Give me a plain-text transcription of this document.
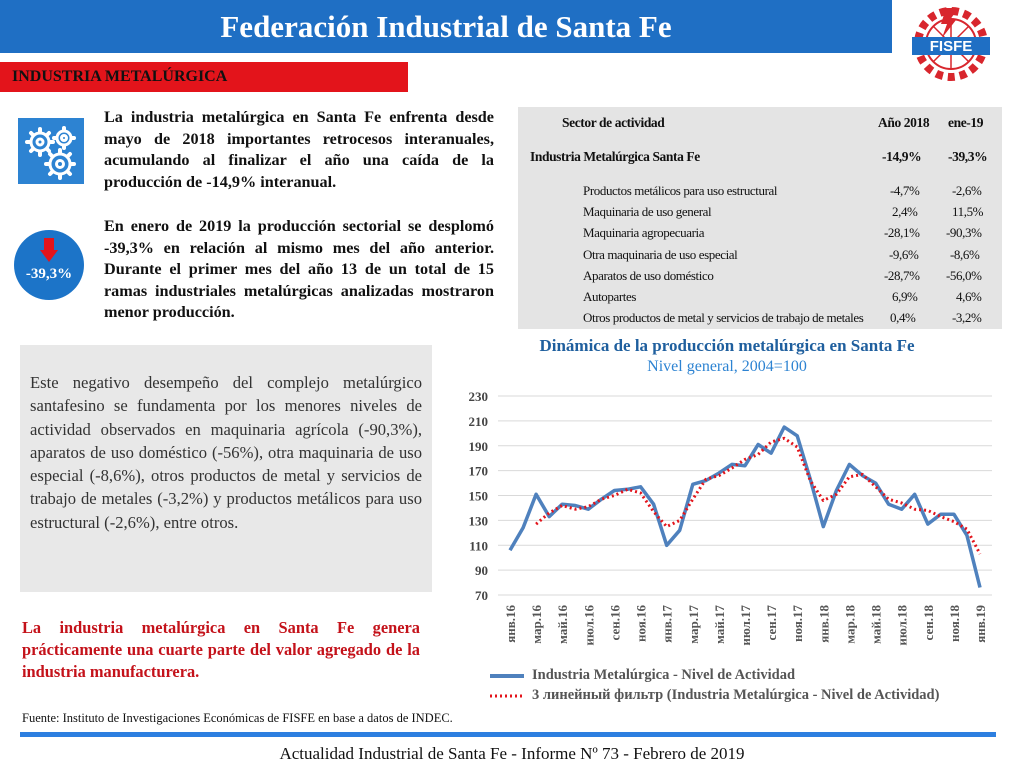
Federación Industrial de Santa Fe
FISFE
INDUSTRIA METALÚRGICA
-39,3%

La industria metalúrgica en Santa Fe enfrenta desde mayo de 2018 importantes retrocesos interanuales, acumulando al finalizar el año una caída de la producción de -14,9% interanual.

En enero de 2019 la producción sectorial se desplomó -39,3% en relación al mismo mes del año anterior. Durante el primer mes del año 13 de un total de 15 ramas industriales metalúrgicas analizadas mostraron menor producción.

Este negativo desempeño del complejo metalúrgico santafesino se fundamenta por los menores niveles de actividad observados en maquinaria agrícola (-90,3%), aparatos de uso doméstico (-56%), otra maquinaria de uso especial (-8,6%), otros productos de metal y servicios de trabajo de metales (-3,2%) y productos metálicos para uso estructural (-2,6%), entre otros.

La industria metalúrgica en Santa Fe genera prácticamente una cuarte parte del valor agregado de la industria manufacturera.

Sector de actividad	Año 2018 ene-19
Industria Metalúrgica Santa Fe	-14,9% -39,3%
Productos metálicos para uso estructural	-4,7%	-2,6%
Maquinaria de uso general	2,4%	11,5%
Maquinaria agropecuaria	-28,1% -90,3%
Otra maquinaria de uso especial	-9,6% -8,6%
Aparatos de uso doméstico	-28,7% -56,0%
Autopartes	6,9%	4,6%
Otros productos de metal y servicios de trabajo de metales 0,4%	-3,2%
Dinámica de la producción metalúrgica en Santa Fe
Nivel general, 2004=100
70
90
110
130
150
170
190
210
230
янв.16 мар.16 май.16 июл.16 сен.16 ноя.16 янв.17 мар.17 май.17 июл.17 сен.17 ноя.17 янв.18 мар.18 май.18 июл.18 сен.18 ноя.18 янв.19
Industria Metalúrgica - Nivel de Actividad
3 линейный фильтр (Industria Metalúrgica - Nivel de Actividad)
Fuente: Instituto de Investigaciones Económicas de FISFE en base a datos de INDEC.
Actualidad Industrial de Santa Fe - Informe Nº 73 - Febrero de 2019
